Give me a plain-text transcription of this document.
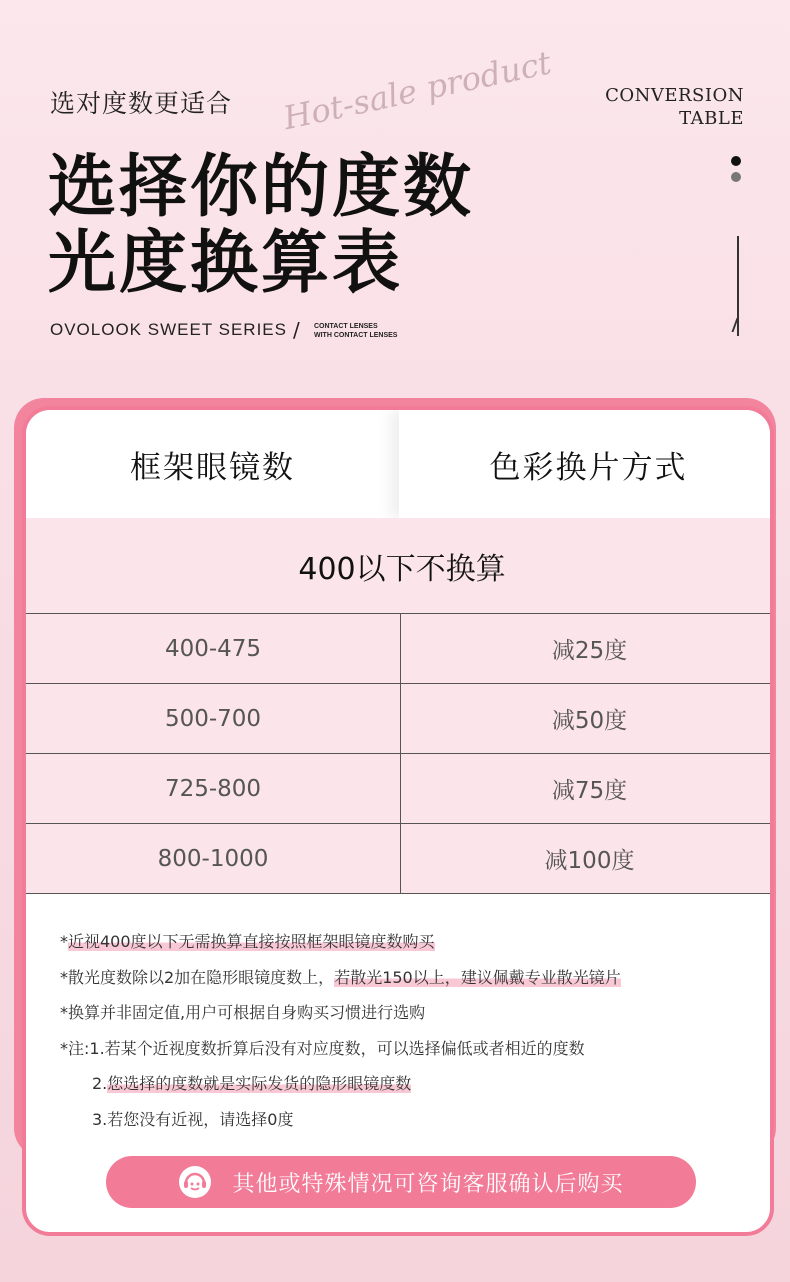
选对度数更适合	CONVERSION
TABLE
Hot-sale product
选择你的度数
光度换算表
OVOLOOK SWEET SERIES / CONTACT LENSES
WITH CONTACT LENSES
框架眼镜数	色彩换片方式
400以下不换算
400-475	减25度
500-700	减50度
725-800	减75度
800-1000	减100度
*近视400度以下无需换算直接按照框架眼镜度数购买
*散光度数除以2加在隐形眼镜度数上，若散光150以上，建议佩戴专业散光镜片
*换算并非固定值,用户可根据自身购买习惯进行选购
*注:1.若某个近视度数折算后没有对应度数，可以选择偏低或者相近的度数
2.您选择的度数就是实际发货的隐形眼镜度数
3.若您没有近视，请选择0度
其他或特殊情况可咨询客服确认后购买
